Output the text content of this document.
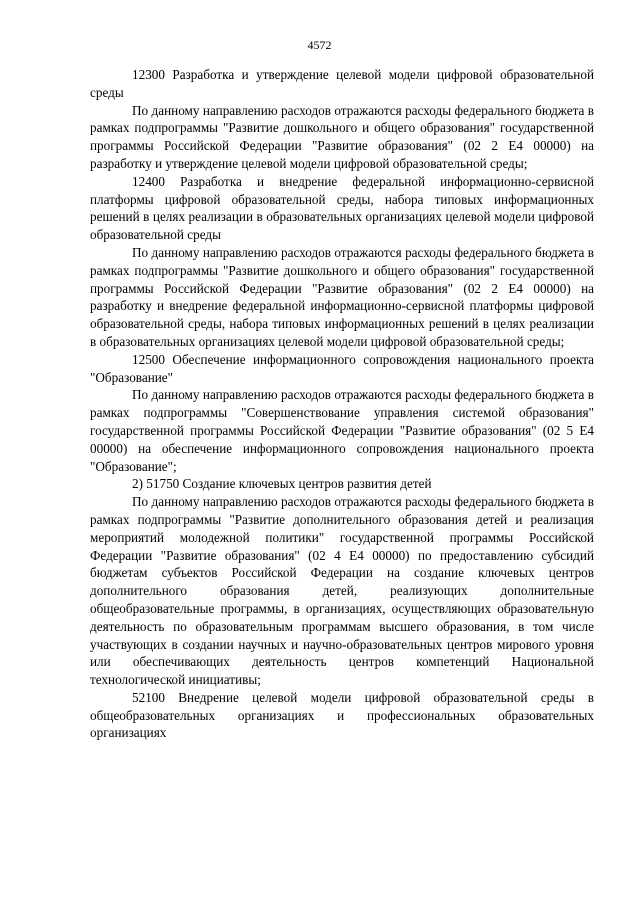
4572

12300 Разработка и утверждение целевой модели цифровой образовательной среды

По данному направлению расходов отражаются расходы федерального бюджета в рамках подпрограммы "Развитие дошкольного и общего образования" государственной программы Российской Федерации "Развитие образования" (02 2 Е4 00000) на разработку и утверждение целевой модели цифровой образовательной среды;

12400 Разработка и внедрение федеральной информационно-сервисной платформы цифровой образовательной среды, набора типовых информационных решений в целях реализации в образовательных организациях целевой модели цифровой образовательной среды

По данному направлению расходов отражаются расходы федерального бюджета в рамках подпрограммы "Развитие дошкольного и общего образования" государственной программы Российской Федерации "Развитие образования" (02 2 Е4 00000) на разработку и внедрение федеральной информационно-сервисной платформы цифровой образовательной среды, набора типовых информационных решений в целях реализации в образовательных организациях целевой модели цифровой образовательной среды;

12500 Обеспечение информационного сопровождения национального проекта "Образование"

По данному направлению расходов отражаются расходы федерального бюджета в рамках подпрограммы "Совершенствование управления системой образования" государственной программы Российской Федерации "Развитие образования" (02 5 Е4 00000) на обеспечение информационного сопровождения национального проекта "Образование";

2) 51750 Создание ключевых центров развития детей

По данному направлению расходов отражаются расходы федерального бюджета в рамках подпрограммы "Развитие дополнительного образования детей и реализация мероприятий молодежной политики" государственной программы Российской Федерации "Развитие образования" (02 4 Е4 00000) по предоставлению субсидий бюджетам субъектов Российской Федерации на создание ключевых центров дополнительного образования детей, реализующих дополнительные общеобразовательные программы, в организациях, осуществляющих образовательную деятельность по образовательным программам высшего образования, в том числе участвующих в создании научных и научно-образовательных центров мирового уровня или обеспечивающих деятельность центров компетенций Национальной технологической инициативы;

52100 Внедрение целевой модели цифровой образовательной среды в общеобразовательных организациях и профессиональных образовательных организациях
